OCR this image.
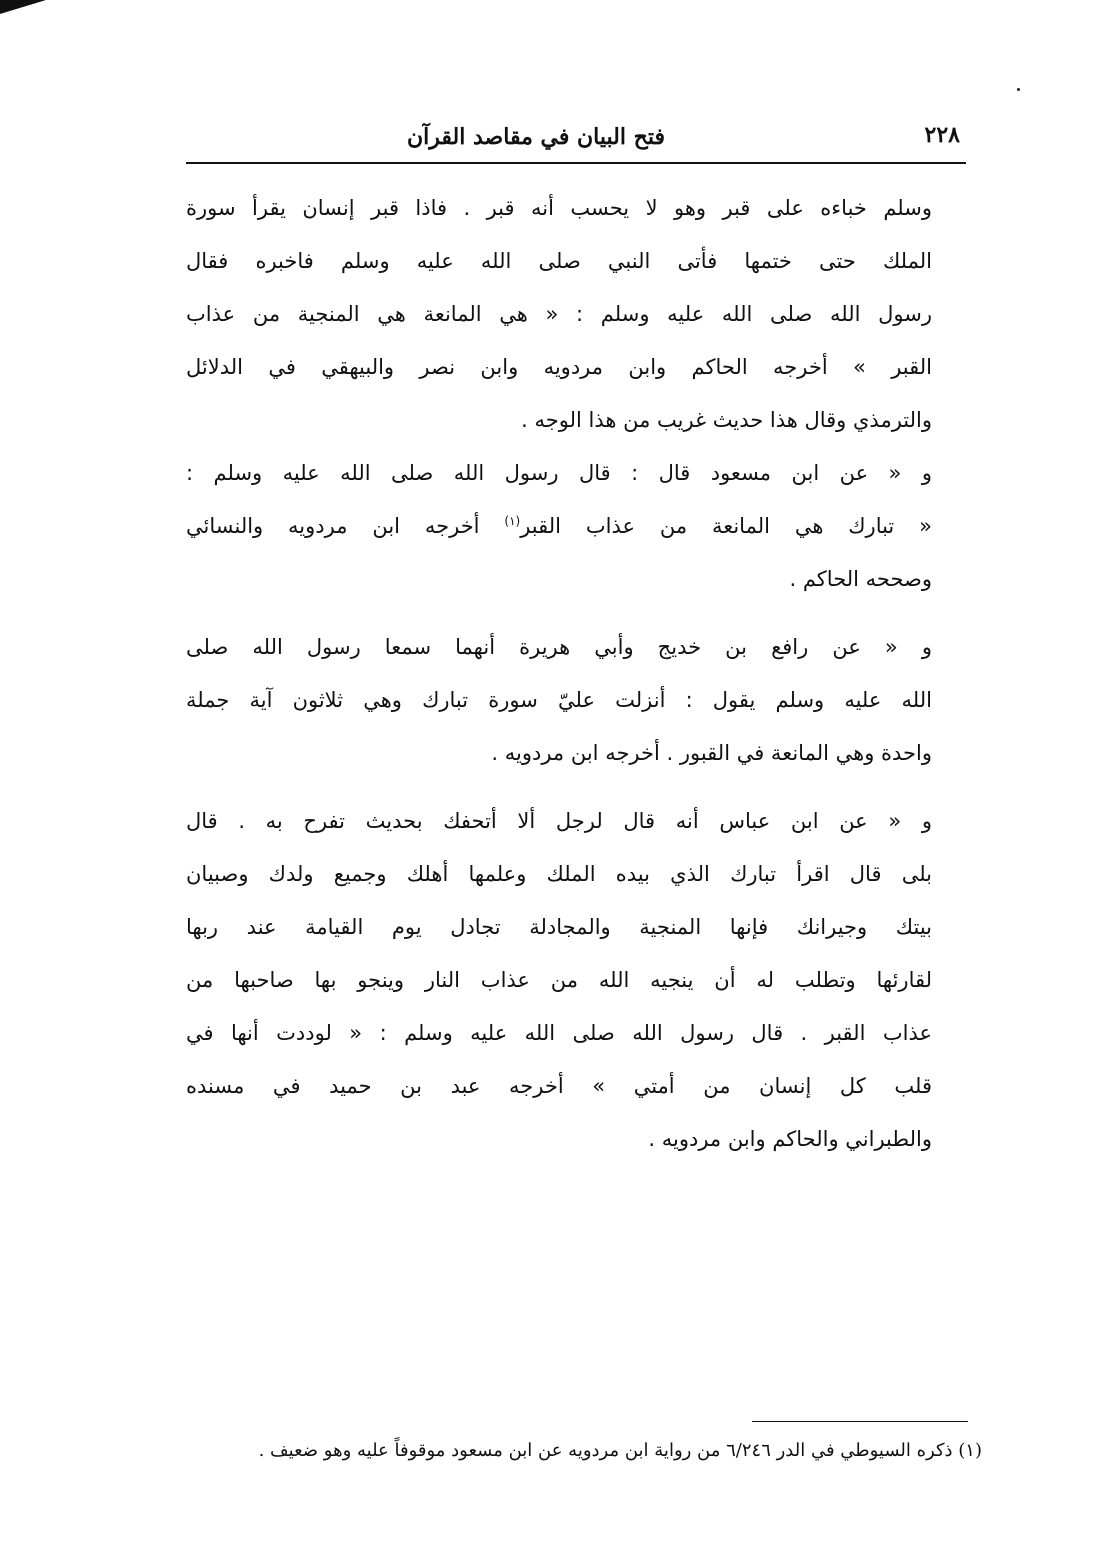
٢٢٨
فتح البيان في مقاصد القرآن
وسلم خباءه على قبر وهو لا يحسب أنه قبر . فاذا قبر إنسان يقرأ سورة
الملك حتى ختمها فأتى النبي صلى الله عليه وسلم فاخبره فقال
رسول الله صلى الله عليه وسلم : « هي المانعة هي المنجية من عذاب
القبر » أخرجه الحاكم وابن مردويه وابن نصر والبيهقي في الدلائل
والترمذي وقال هذا حديث غريب من هذا الوجه .
و « عن ابن مسعود قال : قال رسول الله صلى الله عليه وسلم :
« تبارك هي المانعة من عذاب القبر$^{(١)}$ أخرجه ابن مردويه والنسائي
وصححه الحاكم .
و « عن رافع بن خديج وأبي هريرة أنهما سمعا رسول الله صلى
الله عليه وسلم يقول : أنزلت عليّ سورة تبارك وهي ثلاثون آية جملة
واحدة وهي المانعة في القبور . أخرجه ابن مردويه .
و « عن ابن عباس أنه قال لرجل ألا أتحفك بحديث تفرح به . قال
بلى قال اقرأ تبارك الذي بيده الملك وعلمها أهلك وجميع ولدك وصبيان
بيتك وجيرانك فإنها المنجية والمجادلة تجادل يوم القيامة عند ربها
لقارئها وتطلب له أن ينجيه الله من عذاب النار وينجو بها صاحبها من
عذاب القبر . قال رسول الله صلى الله عليه وسلم : « لوددت أنها في
قلب كل إنسان من أمتي » أخرجه عبد بن حميد في مسنده
والطبراني والحاكم وابن مردويه .
(١) ذكره السيوطي في الدر ٦/٢٤٦ من رواية ابن مردويه عن ابن مسعود موقوفاً عليه وهو ضعيف .
